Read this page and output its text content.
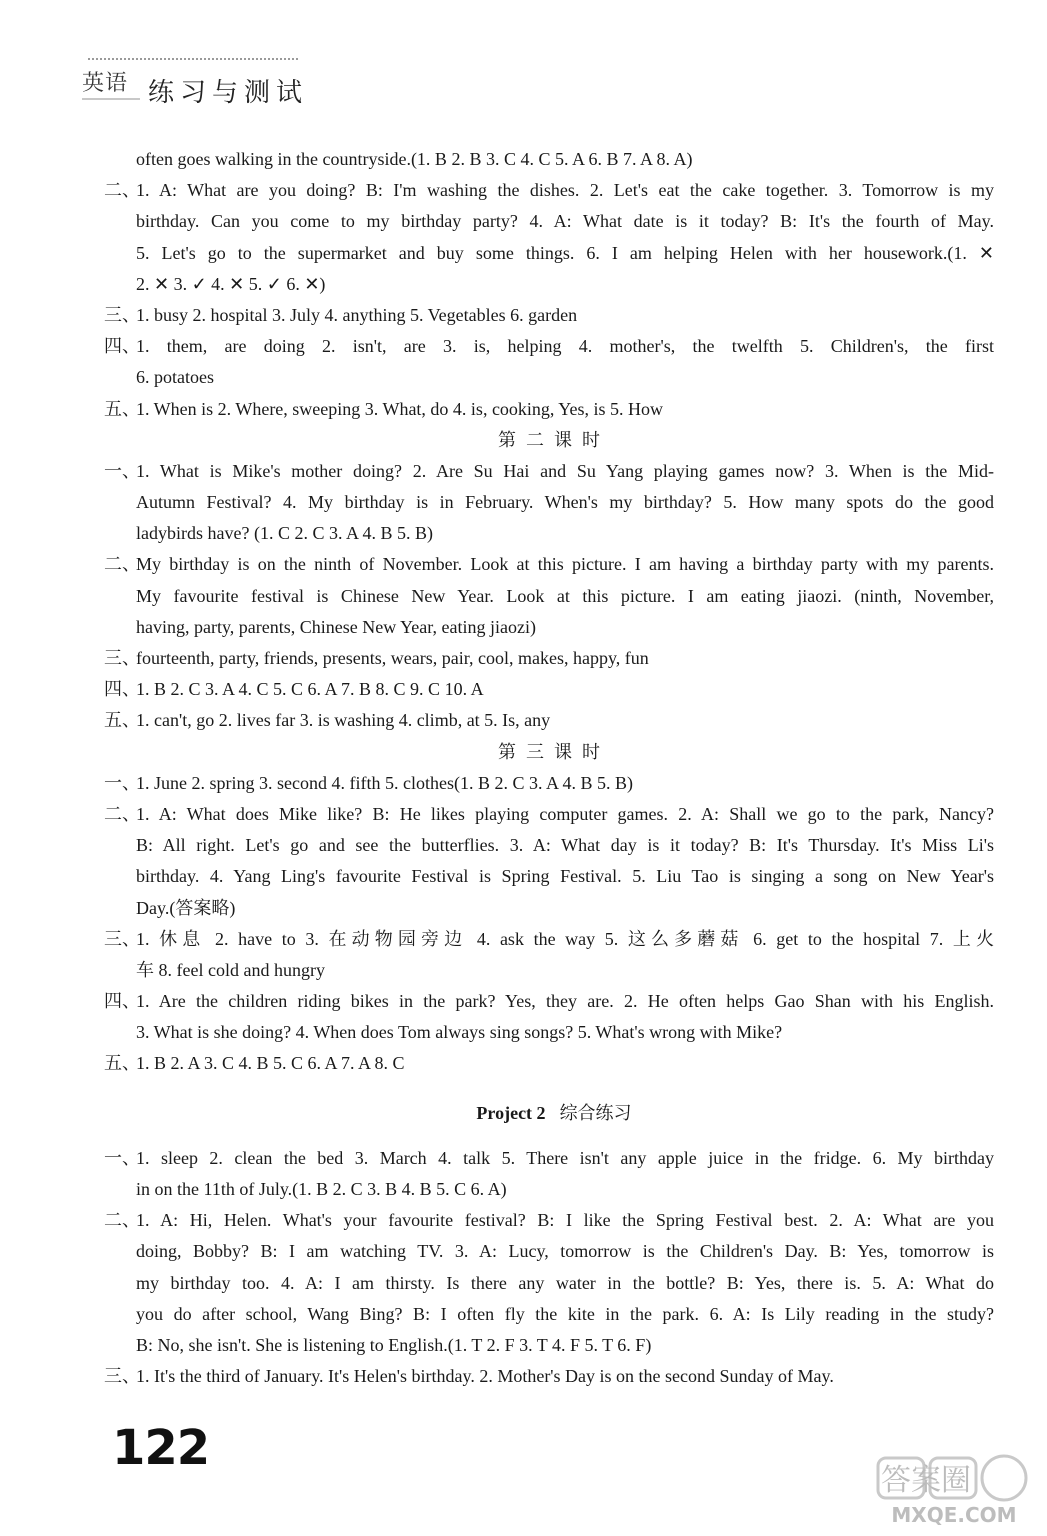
英语 练习与测试
often goes walking in the countryside.(1. B 2. B 3. C 4. C 5. A 6. B 7. A 8. A)
二、
1. A: What are you doing? B: I'm washing the dishes. 2. Let's eat the cake together. 3. Tomorrow is my
birthday. Can you come to my birthday party? 4. A: What date is it today? B: It's the fourth of May.
5. Let's go to the supermarket and buy some things. 6. I am helping Helen with her housework.(1. ✕
2. ✕ 3. ✓ 4. ✕ 5. ✓ 6. ✕)
三、
1. busy 2. hospital 3. July 4. anything 5. Vegetables 6. garden
四、
1. them, are doing 2. isn't, are 3. is, helping 4. mother's, the twelfth 5. Children's, the first
6. potatoes
五、
1. When is 2. Where, sweeping 3. What, do 4. is, cooking, Yes, is 5. How
第二课时
一、
1. What is Mike's mother doing? 2. Are Su Hai and Su Yang playing games now? 3. When is the Mid-
Autumn Festival? 4. My birthday is in February. When's my birthday? 5. How many spots do the good
ladybirds have? (1. C 2. C 3. A 4. B 5. B)
二、
My birthday is on the ninth of November. Look at this picture. I am having a birthday party with my parents.
My favourite festival is Chinese New Year. Look at this picture. I am eating jiaozi. (ninth, November,
having, party, parents, Chinese New Year, eating jiaozi)
三、
fourteenth, party, friends, presents, wears, pair, cool, makes, happy, fun
四、
1. B 2. C 3. A 4. C 5. C 6. A 7. B 8. C 9. C 10. A
五、
1. can't, go 2. lives far 3. is washing 4. climb, at 5. Is, any
第三课时
一、
1. June 2. spring 3. second 4. fifth 5. clothes(1. B 2. C 3. A 4. B 5. B)
二、
1. A: What does Mike like? B: He likes playing computer games. 2. A: Shall we go to the park, Nancy?
B: All right. Let's go and see the butterflies. 3. A: What day is it today? B: It's Thursday. It's Miss Li's
birthday. 4. Yang Ling's favourite Festival is Spring Festival. 5. Liu Tao is singing a song on New Year's
Day.(答案略)
三、
1. 休息 2. have to 3. 在动物园旁边 4. ask the way 5. 这么多蘑菇 6. get to the hospital 7. 上火
车 8. feel cold and hungry
四、
1. Are the children riding bikes in the park? Yes, they are. 2. He often helps Gao Shan with his English.
3. What is she doing? 4. When does Tom always sing songs? 5. What's wrong with Mike?
五、
1. B 2. A 3. C 4. B 5. C 6. A 7. A 8. C
Project 2 综合练习
一、
1. sleep 2. clean the bed 3. March 4. talk 5. There isn't any apple juice in the fridge. 6. My birthday
in on the 11th of July.(1. B 2. C 3. B 4. B 5. C 6. A)
二、
1. A: Hi, Helen. What's your favourite festival? B: I like the Spring Festival best. 2. A: What are you
doing, Bobby? B: I am watching TV. 3. A: Lucy, tomorrow is the Children's Day. B: Yes, tomorrow is
my birthday too. 4. A: I am thirsty. Is there any water in the bottle? B: Yes, there is. 5. A: What do
you do after school, Wang Bing? B: I often fly the kite in the park. 6. A: Is Lily reading in the study?
B: No, she isn't. She is listening to English.(1. T 2. F 3. T 4. F 5. T 6. F)
三、
1. It's the third of January. It's Helen's birthday. 2. Mother's Day is on the second Sunday of May.
122
答案圈
MXQE.COM
